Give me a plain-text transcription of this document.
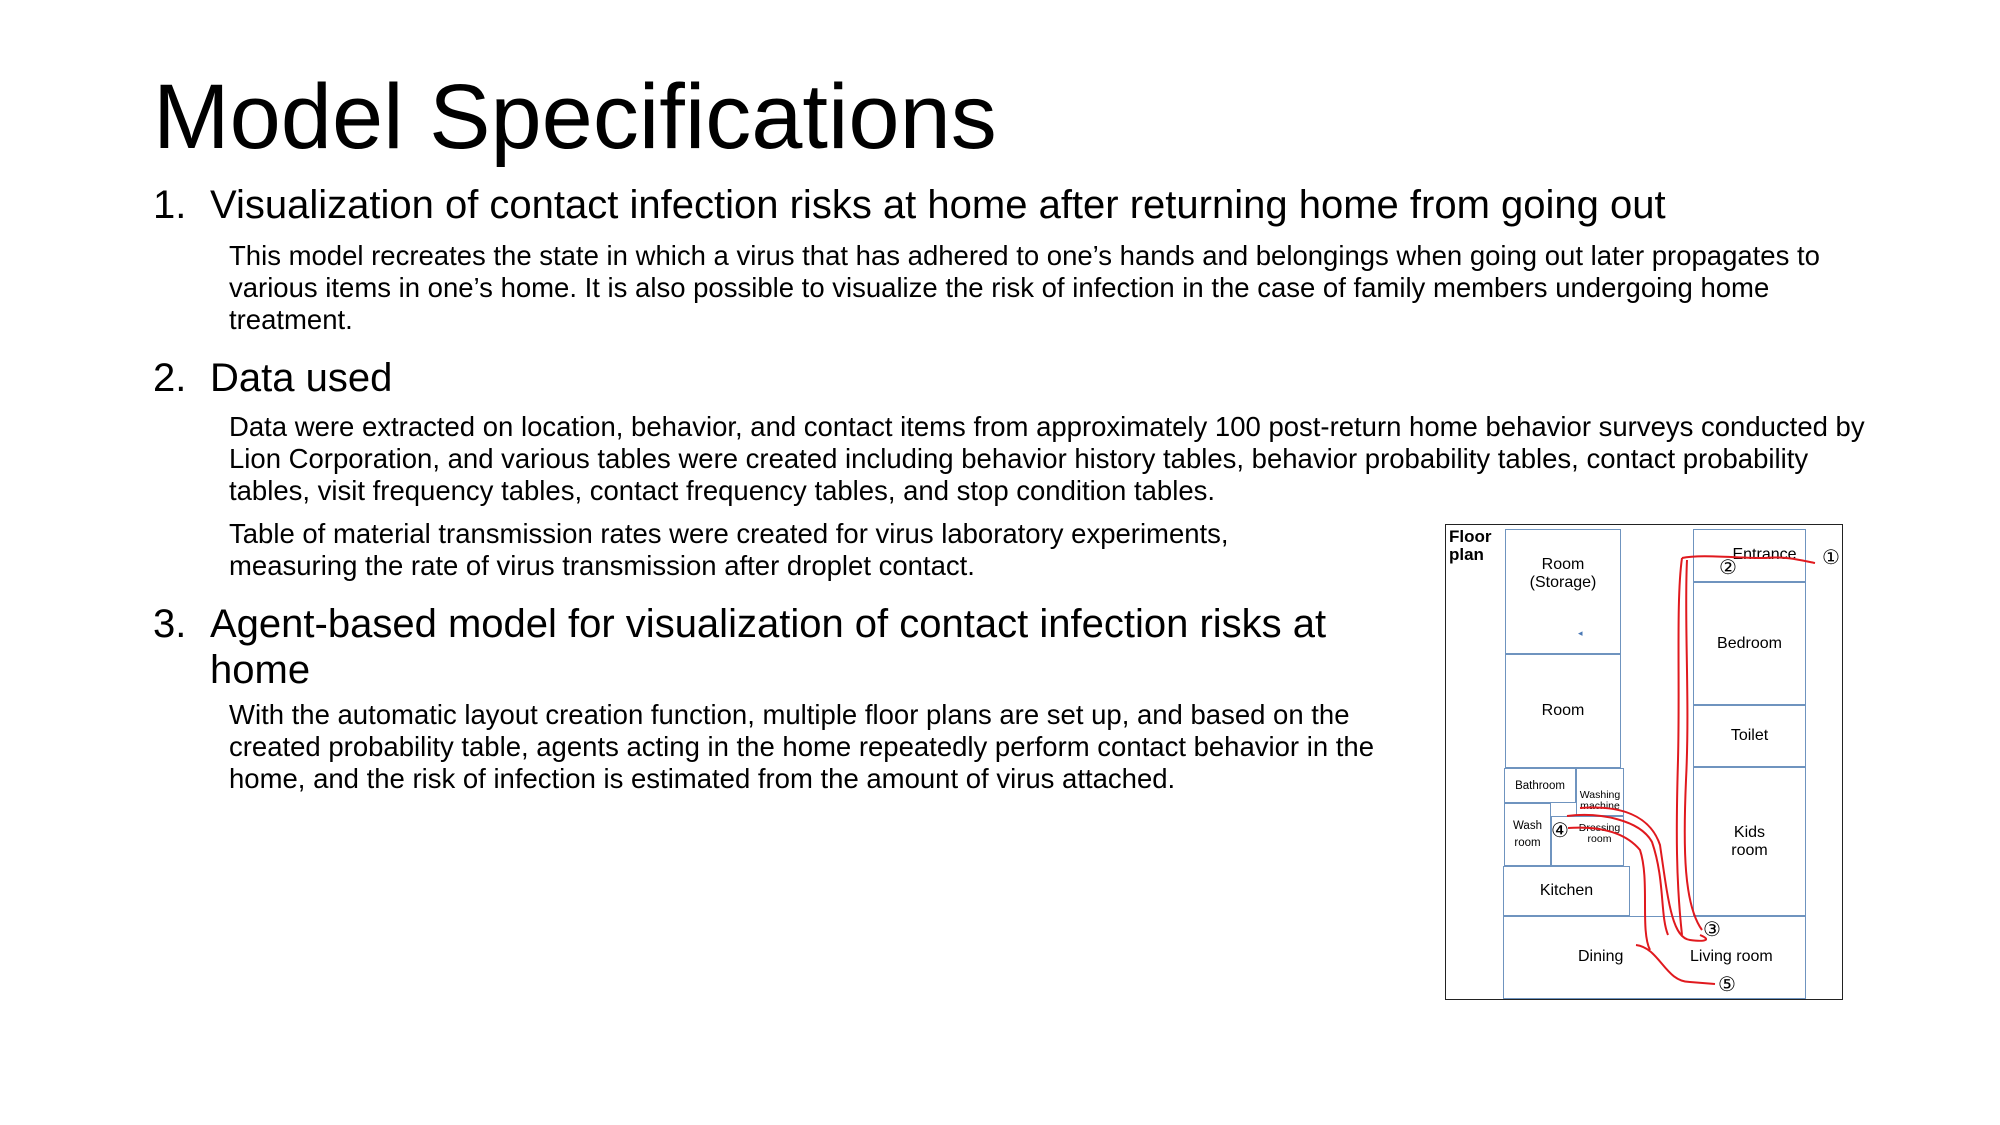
Model Specifications
1. Visualization of contact infection risks at home after returning home from going out
This model recreates the state in which a virus that has adhered to one’s hands and belongings when going out later propagates to various items in one’s home. It is also possible to visualize the risk of infection in the case of family members undergoing home treatment.
2. Data used
Data were extracted on location, behavior, and contact items from approximately 100 post-return home behavior surveys conducted by Lion Corporation, and various tables were created including behavior history tables, behavior probability tables, contact probability tables, visit frequency tables, contact frequency tables, and stop condition tables.
Table of material transmission rates were created for virus laboratory experiments, measuring the rate of virus transmission after droplet contact.
3. Agent-based model for visualization of contact infection risks at home
With the automatic layout creation function, multiple floor plans are set up, and based on the created probability table, agents acting in the home repeatedly perform contact behavior in the home, and the risk of infection is estimated from the amount of virus attached.
Floor
plan	Room
(Storage)
Room
Bathroom
Washing
machine
Wash
room
Dressing
room
Kitchen
Entrance
Bedroom
Toilet
Kids
room
Dining	Living room
◂
①
②
③
④
⑤
